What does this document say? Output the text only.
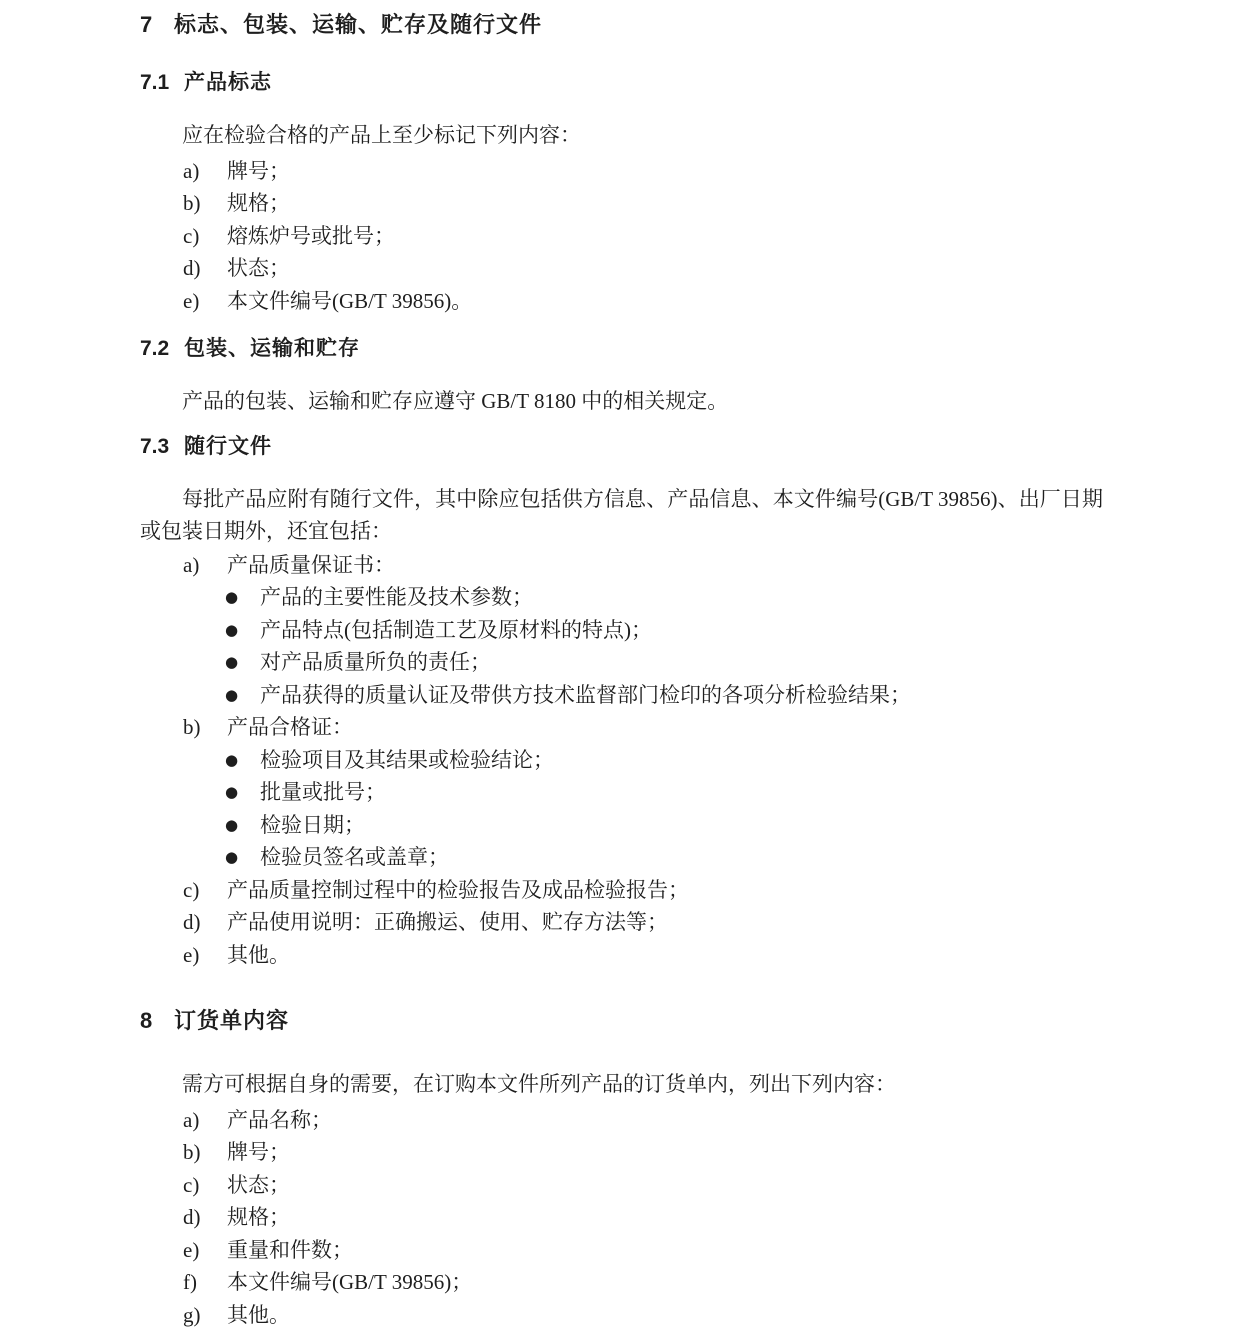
7 标志、包装、运输、贮存及随行文件
7.1 产品标志

应在检验合格的产品上至少标记下列内容：

a) 牌号；
b) 规格；
c) 熔炼炉号或批号；
d) 状态；
e) 本文件编号(GB/T 39856)。
7.2 包装、运输和贮存

产品的包装、运输和贮存应遵守 GB/T 8180 中的相关规定。

7.3 随行文件

每批产品应附有随行文件，其中除应包括供方信息、产品信息、本文件编号(GB/T 39856)、出厂日期或包装日期外，还宜包括：

a) 产品质量保证书：
● 产品的主要性能及技术参数；
● 产品特点(包括制造工艺及原材料的特点)；
● 对产品质量所负的责任；
● 产品获得的质量认证及带供方技术监督部门检印的各项分析检验结果；
b) 产品合格证：
● 检验项目及其结果或检验结论；
● 批量或批号；
● 检验日期；
● 检验员签名或盖章；
c) 产品质量控制过程中的检验报告及成品检验报告；
d) 产品使用说明：正确搬运、使用、贮存方法等；
e) 其他。
8 订货单内容

需方可根据自身的需要，在订购本文件所列产品的订货单内，列出下列内容：

a) 产品名称；
b) 牌号；
c) 状态；
d) 规格；
e) 重量和件数；
f) 本文件编号(GB/T 39856)；
g) 其他。
